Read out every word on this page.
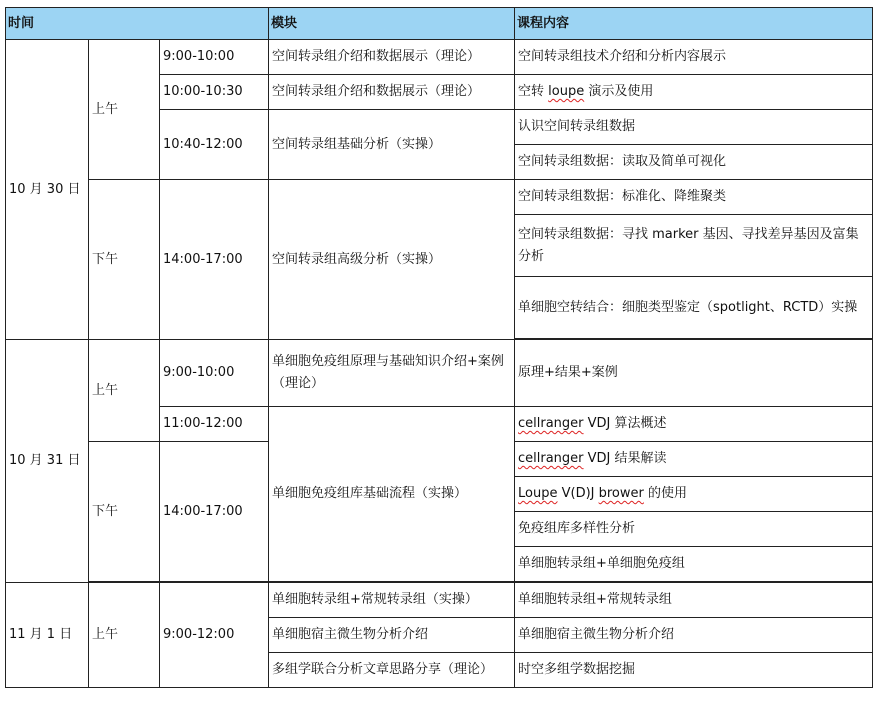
时间			模块	课程内容
10 月 30 日	上午	9:00-10:00	空间转录组介绍和数据展示（理论）	空间转录组技术介绍和分析内容展示
		10:00-10:30	空间转录组介绍和数据展示（理论）	空转 loupe 演示及使用
		10:40-12:00	空间转录组基础分析（实操）	认识空间转录组数据
				空间转录组数据：读取及简单可视化
	下午	14:00-17:00	空间转录组高级分析（实操）	空间转录组数据：标准化、降维聚类
				空间转录组数据：寻找 marker 基因、寻找差异基因及富集分析
				单细胞空转结合：细胞类型鉴定（spotlight、RCTD）实操

10 月 31 日	上午	9:00-10:00	单细胞免疫组原理与基础知识介绍+案例（理论）	原理+结果+案例
		11:00-12:00	单细胞免疫组库基础流程（实操）	cellranger VDJ 算法概述
	下午	14:00-17:00		cellranger VDJ 结果解读
				Loupe V(D)J brower 的使用
				免疫组库多样性分析
				单细胞转录组+单细胞免疫组

11 月 1 日	上午	9:00-12:00	单细胞转录组+常规转录组（实操）	单细胞转录组+常规转录组
			单细胞宿主微生物分析介绍	单细胞宿主微生物分析介绍
			多组学联合分析文章思路分享（理论）	时空多组学数据挖掘
